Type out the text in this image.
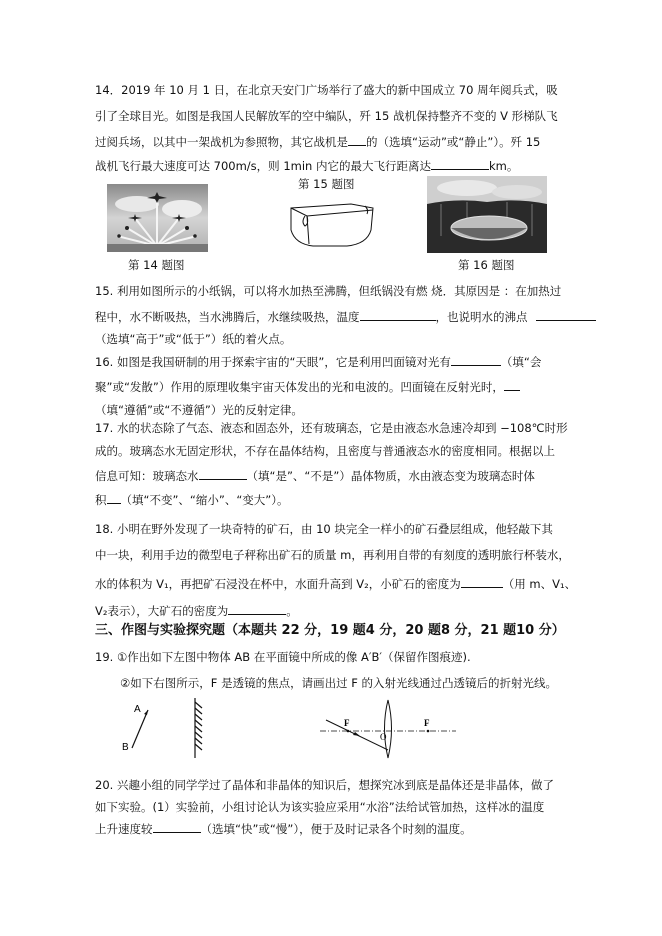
14．2019 年 10 月 1 日，在北京天安门广场举行了盛大的新中国成立 70 周年阅兵式，吸
引了全球目光。如图是我国人民解放军的空中编队，歼 15 战机保持整齐不变的 V 形梯队飞
过阅兵场，以其中一架战机为参照物，其它战机是 的（选填“运动”或“静止”）。歼 15
战机飞行最大速度可达 700m/s，则 1min 内它的最大飞行距离达	km。
第 14 题图
第 15 题图
第 16 题图
15. 利用如图所示的小纸锅，可以将水加热至沸腾，但纸锅没有燃 烧．其原因是 ：在加热过
程中，水不断吸热，当水沸腾后，水继续吸热，温度	，也说明水的沸点
（选填“高于”或“低于”）纸的着火点。
16. 如图是我国研制的用于探索宇宙的“天眼”，它是利用凹面镜对光有	（填“会
聚”或“发散”）作用的原理收集宇宙天体发出的光和电波的。凹面镜在反射光时，
（填“遵循”或“不遵循”）光的反射定律。
17. 水的状态除了气态、液态和固态外，还有玻璃态，它是由液态水急速冷却到 −108℃时形
成的。玻璃态水无固定形状，不存在晶体结构，且密度与普通液态水的密度相同。根据以上
信息可知：玻璃态水	（填“是”、“不是”）晶体物质，水由液态变为玻璃态时体
积 （填“不变”、“缩小”、“变大”）。
18. 小明在野外发现了一块奇特的矿石，由 10 块完全一样小的矿石叠层组成，他轻敲下其
中一块，利用手边的微型电子秤称出矿石的质量 m，再利用自带的有刻度的透明旅行杯装水，
水的体积为 V₁，再把矿石浸没在杯中，水面升高到 V₂，小矿石的密度为	（用 m、V₁、
V₂表示），大矿石的密度为	。
三、作图与实验探究题（本题共 22 分，19 题4 分，20 题8 分，21 题10 分）
19. ①作出如下左图中物体 AB 在平面镜中所成的像 A′B′（保留作图痕迹).
②如下右图所示，F 是透镜的焦点，请画出过 F 的入射光线通过凸透镜后的折射光线。
A
B
F	F
O
20. 兴趣小组的同学学过了晶体和非晶体的知识后，想探究冰到底是晶体还是非晶体，做了
如下实验。(1）实验前，小组讨论认为该实验应采用“水浴”法给试管加热，这样冰的温度
上升速度较	（选填“快”或“慢”），便于及时记录各个时刻的温度。
